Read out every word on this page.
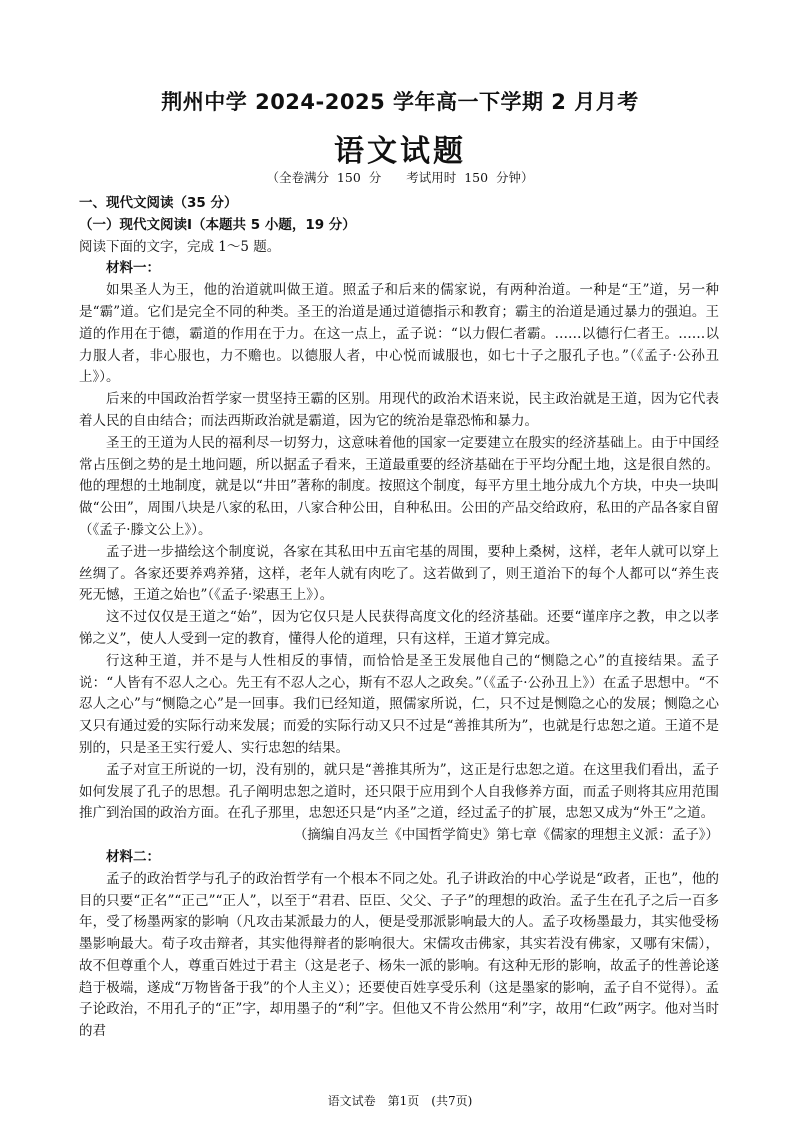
荆州中学 2024-2025 学年高一下学期 2 月月考
语文试题
（全卷满分 150 分　　考试用时 150 分钟）

一、现代文阅读（35 分）

（一）现代文阅读Ⅰ（本题共 5 小题，19 分）

阅读下面的文字，完成 1～5 题。

材料一：

如果圣人为王，他的治道就叫做王道。照孟子和后来的儒家说，有两种治道。一种是“王”道，另一种是“霸”道。它们是完全不同的种类。圣王的治道是通过道德指示和教育；霸主的治道是通过暴力的强迫。王道的作用在于德，霸道的作用在于力。在这一点上，孟子说：“以力假仁者霸。……以德行仁者王。……以力服人者，非心服也，力不赡也。以德服人者，中心悦而诚服也，如七十子之服孔子也。”（《孟子·公孙丑上》）。

后来的中国政治哲学家一贯坚持王霸的区别。用现代的政治术语来说，民主政治就是王道，因为它代表着人民的自由结合；而法西斯政治就是霸道，因为它的统治是靠恐怖和暴力。

圣王的王道为人民的福利尽一切努力，这意味着他的国家一定要建立在殷实的经济基础上。由于中国经常占压倒之势的是土地问题，所以据孟子看来，王道最重要的经济基础在于平均分配土地，这是很自然的。他的理想的土地制度，就是以“井田”著称的制度。按照这个制度，每平方里土地分成九个方块，中央一块叫做“公田”，周围八块是八家的私田，八家合种公田，自种私田。公田的产品交给政府，私田的产品各家自留（《孟子·滕文公上》）。

孟子进一步描绘这个制度说，各家在其私田中五亩宅基的周围，要种上桑树，这样，老年人就可以穿上丝绸了。各家还要养鸡养猪，这样，老年人就有肉吃了。这若做到了，则王道治下的每个人都可以“养生丧死无憾，王道之始也”（《孟子·梁惠王上》）。

这不过仅仅是王道之“始”，因为它仅只是人民获得高度文化的经济基础。还要“谨庠序之教，申之以孝悌之义”，使人人受到一定的教育，懂得人伦的道理，只有这样，王道才算完成。

行这种王道，并不是与人性相反的事情，而恰恰是圣王发展他自己的“恻隐之心”的直接结果。孟子说：“人皆有不忍人之心。先王有不忍人之心，斯有不忍人之政矣。”（《孟子·公孙丑上》）在孟子思想中。“不忍人之心”与“恻隐之心”是一回事。我们已经知道，照儒家所说，仁，只不过是恻隐之心的发展；恻隐之心又只有通过爱的实际行动来发展；而爱的实际行动又只不过是“善推其所为”，也就是行忠恕之道。王道不是别的，只是圣王实行爱人、实行忠恕的结果。

孟子对宣王所说的一切，没有别的，就只是“善推其所为”，这正是行忠恕之道。在这里我们看出，孟子如何发展了孔子的思想。孔子阐明忠恕之道时，还只限于应用到个人自我修养方面，而孟子则将其应用范围推广到治国的政治方面。在孔子那里，忠恕还只是“内圣”之道，经过孟子的扩展，忠恕又成为“外王”之道。

（摘编自冯友兰《中国哲学简史》第七章《儒家的理想主义派：孟子》）

材料二：

孟子的政治哲学与孔子的政治哲学有一个根本不同之处。孔子讲政治的中心学说是“政者，正也”，他的目的只要“正名”“正己”“正人”，以至于“君君、臣臣、父父、子子”的理想的政治。孟子生在孔子之后一百多年，受了杨墨两家的影响（凡攻击某派最力的人，便是受那派影响最大的人。孟子攻杨墨最力，其实他受杨墨影响最大。荀子攻击辩者，其实他得辩者的影响很大。宋儒攻击佛家，其实若没有佛家，又哪有宋儒），故不但尊重个人，尊重百姓过于君主（这是老子、杨朱一派的影响。有这种无形的影响，故孟子的性善论遂趋于极端，遂成“万物皆备于我”的个人主义）；还要使百姓享受乐利（这是墨家的影响，孟子自不觉得）。孟子论政治，不用孔子的“正”字，却用墨子的“利”字。但他又不肯公然用“利”字，故用“仁政”两字。他对当时的君

语文试卷　第1页　(共7页)
